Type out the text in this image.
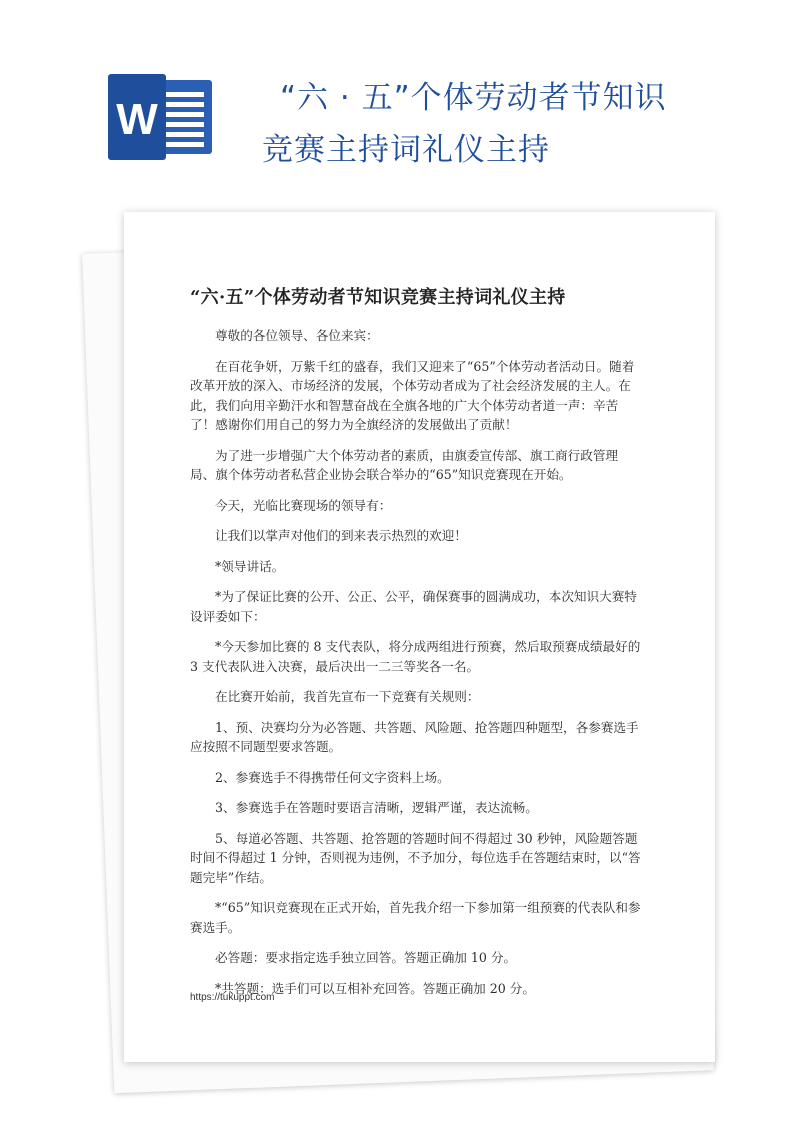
W	“六 · 五”个体劳动者节知识
竞赛主持词礼仪主持
“六·五”个体劳动者节知识竞赛主持词礼仪主持

尊敬的各位领导、各位来宾：

在百花争妍，万紫千红的盛春，我们又迎来了“65”个体劳动者活动日。随着改革开放的深入、市场经济的发展，个体劳动者成为了社会经济发展的主人。在此，我们向用辛勤汗水和智慧奋战在全旗各地的广大个体劳动者道一声：辛苦了！感谢你们用自己的努力为全旗经济的发展做出了贡献！

为了进一步增强广大个体劳动者的素质，由旗委宣传部、旗工商行政管理局、旗个体劳动者私营企业协会联合举办的“65”知识竞赛现在开始。

今天，光临比赛现场的领导有：

让我们以掌声对他们的到来表示热烈的欢迎！

*领导讲话。

*为了保证比赛的公开、公正、公平，确保赛事的圆满成功，本次知识大赛特设评委如下：

*今天参加比赛的 8 支代表队，将分成两组进行预赛，然后取预赛成绩最好的 3 支代表队进入决赛，最后决出一二三等奖各一名。

在比赛开始前，我首先宣布一下竞赛有关规则：

1、预、决赛均分为必答题、共答题、风险题、抢答题四种题型，各参赛选手应按照不同题型要求答题。

2、参赛选手不得携带任何文字资料上场。

3、参赛选手在答题时要语言清晰，逻辑严谨，表达流畅。

5、每道必答题、共答题、抢答题的答题时间不得超过 30 秒钟，风险题答题时间不得超过 1 分钟，否则视为违例，不予加分，每位选手在答题结束时，以“答题完毕”作结。

*“65”知识竞赛现在正式开始，首先我介绍一下参加第一组预赛的代表队和参赛选手。

必答题：要求指定选手独立回答。答题正确加 10 分。

*共答题：选手们可以互相补充回答。答题正确加 20 分。

https://tukuppt.com
